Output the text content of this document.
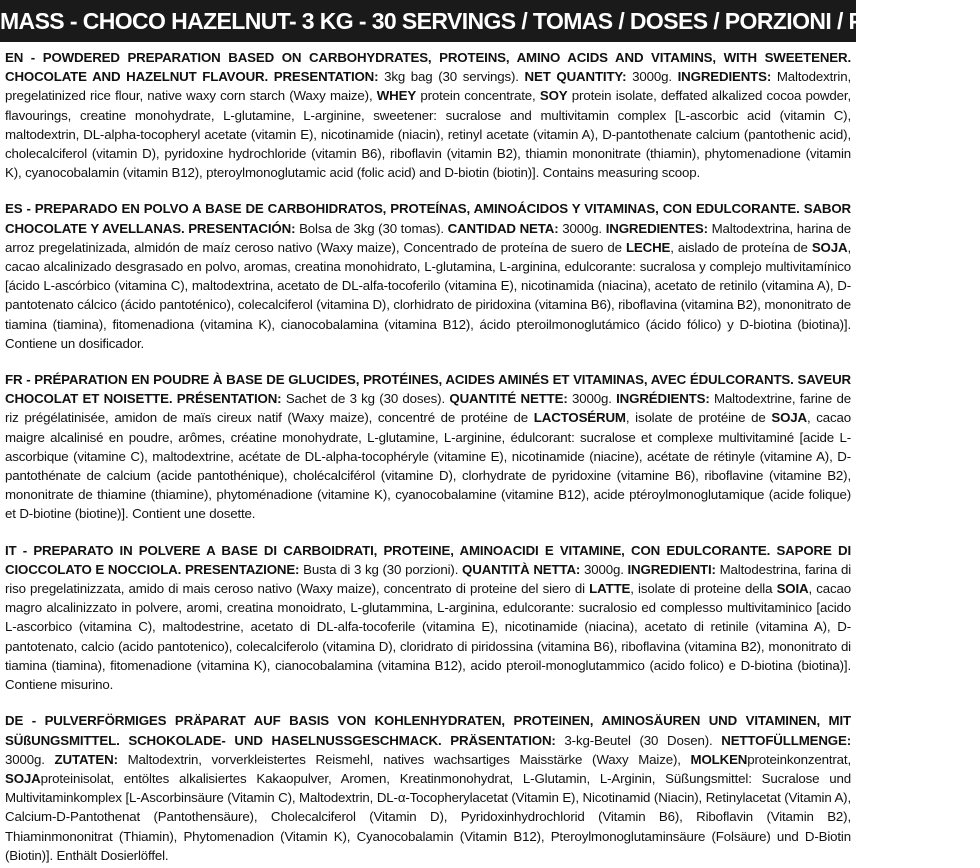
MASS - CHOCO HAZELNUT- 3 KG - 30 SERVINGS / TOMAS / DOSES / PORZIONI / PORTIONEN

EN - POWDERED PREPARATION BASED ON CARBOHYDRATES, PROTEINS, AMINO ACIDS AND VITAMINS, WITH SWEETENER. CHOCOLATE AND HAZELNUT FLAVOUR. PRESENTATION: 3kg bag (30 servings). NET QUANTITY: 3000g. INGREDIENTS: Maltodextrin, pregelatinized rice flour, native waxy corn starch (Waxy maize), WHEY protein concentrate, SOY protein isolate, deffated alkalized cocoa powder, flavourings, creatine monohydrate, L-glutamine, L-arginine, sweetener: sucralose and multivitamin complex [L-ascorbic acid (vitamin C), maltodextrin, DL-alpha-tocopheryl acetate (vitamin E), nicotinamide (niacin), retinyl acetate (vitamin A), D-pantothenate calcium (pantothenic acid), cholecalciferol (vitamin D), pyridoxine hydrochloride (vitamin B6), riboflavin (vitamin B2), thiamin mononitrate (thiamin), phytomenadione (vitamin K), cyanocobalamin (vitamin B12), pteroylmonoglutamic acid (folic acid) and D-biotin (biotin)]. Contains measuring scoop.

ES - PREPARADO EN POLVO A BASE DE CARBOHIDRATOS, PROTEÍNAS, AMINOÁCIDOS Y VITAMINAS, CON EDULCORANTE. SABOR CHOCOLATE Y AVELLANAS. PRESENTACIÓN: Bolsa de 3kg (30 tomas). CANTIDAD NETA: 3000g. INGREDIENTES: Maltodextrina, harina de arroz pregelatinizada, almidón de maíz ceroso nativo (Waxy maize), Concentrado de proteína de suero de LECHE, aislado de proteína de SOJA, cacao alcalinizado desgrasado en polvo, aromas, creatina monohidrato, L-glutamina, L-arginina, edulcorante: sucralosa y complejo multivitamínico [ácido L-ascórbico (vitamina C), maltodextrina, acetato de DL-alfa-tocoferilo (vitamina E), nicotinamida (niacina), acetato de retinilo (vitamina A), D-pantotenato cálcico (ácido pantoténico), colecalciferol (vitamina D), clorhidrato de piridoxina (vitamina B6), riboflavina (vitamina B2), mononitrato de tiamina (tiamina), fitomenadiona (vitamina K), cianocobalamina (vitamina B12), ácido pteroilmonoglutámico (ácido fólico) y D-biotina (biotina)]. Contiene un dosificador.

FR - PRÉPARATION EN POUDRE À BASE DE GLUCIDES, PROTÉINES, ACIDES AMINÉS ET VITAMINAS, AVEC ÉDULCORANTS. SAVEUR CHOCOLAT ET NOISETTE. PRÉSENTATION: Sachet de 3 kg (30 doses). QUANTITÉ NETTE: 3000g. INGRÉDIENTS: Maltodextrine, farine de riz prégélatinisée, amidon de maïs cireux natif (Waxy maize), concentré de protéine de LACTOSÉRUM, isolate de protéine de SOJA, cacao maigre alcalinisé en poudre, arômes, créatine monohydrate, L-glutamine, L-arginine, édulcorant: sucralose et complexe multivitaminé [acide L-ascorbique (vitamine C), maltodextrine, acétate de DL-alpha-tocophéryle (vitamine E), nicotinamide (niacine), acétate de rétinyle (vitamine A), D-pantothénate de calcium (acide pantothénique), cholécalciférol (vitamine D), clorhydrate de pyridoxine (vitamine B6), riboflavine (vitamine B2), mononitrate de thiamine (thiamine), phytoménadione (vitamine K), cyanocobalamine (vitamine B12), acide ptéroylmonoglutamique (acide folique) et D-biotine (biotine)]. Contient une dosette.

IT - PREPARATO IN POLVERE A BASE DI CARBOIDRATI, PROTEINE, AMINOACIDI E VITAMINE, CON EDULCORANTE. SAPORE DI CIOCCOLATO E NOCCIOLA. PRESENTAZIONE: Busta di 3 kg (30 porzioni). QUANTITÀ NETTA: 3000g. INGREDIENTI: Maltodestrina, farina di riso pregelatinizzata, amido di mais ceroso nativo (Waxy maize), concentrato di proteine del siero di LATTE, isolate di proteine della SOIA, cacao magro alcalinizzato in polvere, aromi, creatina monoidrato, L-glutammina, L-arginina, edulcorante: sucralosio ed complesso multivitaminico [acido L-ascorbico (vitamina C), maltodestrine, acetato di DL-alfa-tocoferile (vitamina E), nicotinamide (niacina), acetato di retinile (vitamina A), D-pantotenato, calcio (acido pantotenico), colecalciferolo (vitamina D), cloridrato di piridossina (vitamina B6), riboflavina (vitamina B2), mononitrato di tiamina (tiamina), fitomenadione (vitamina K), cianocobalamina (vitamina B12), acido pteroil-monoglutammico (acido folico) e D-biotina (biotina)]. Contiene misurino.

DE - PULVERFÖRMIGES PRÄPARAT AUF BASIS VON KOHLENHYDRATEN, PROTEINEN, AMINOSÄUREN UND VITAMINEN, MIT SÜßUNGSMITTEL. SCHOKOLADE- UND HASELNUSSGESCHMACK. PRÄSENTATION: 3-kg-Beutel (30 Dosen). NETTOFÜLLMENGE: 3000g. ZUTATEN: Maltodextrin, vorverkleistertes Reismehl, natives wachsartiges Maisstärke (Waxy Maize), MOLKENproteinkonzentrat, SOJAproteinisolat, entöltes alkalisiertes Kakaopulver, Aromen, Kreatinmonohydrat, L-Glutamin, L-Arginin, Süßungsmittel: Sucralose und Multivitaminkomplex [L-Ascorbinsäure (Vitamin C), Maltodextrin, DL-α-Tocopherylacetat (Vitamin E), Nicotinamid (Niacin), Retinylacetat (Vitamin A), Calcium-D-Pantothenat (Pantothensäure), Cholecalciferol (Vitamin D), Pyridoxinhydrochlorid (Vitamin B6), Riboflavin (Vitamin B2), Thiaminmononitrat (Thiamin), Phytomenadion (Vitamin K), Cyanocobalamin (Vitamin B12), Pteroylmonoglutaminsäure (Folsäure) und D-Biotin (Biotin)]. Enthält Dosierlöffel.
